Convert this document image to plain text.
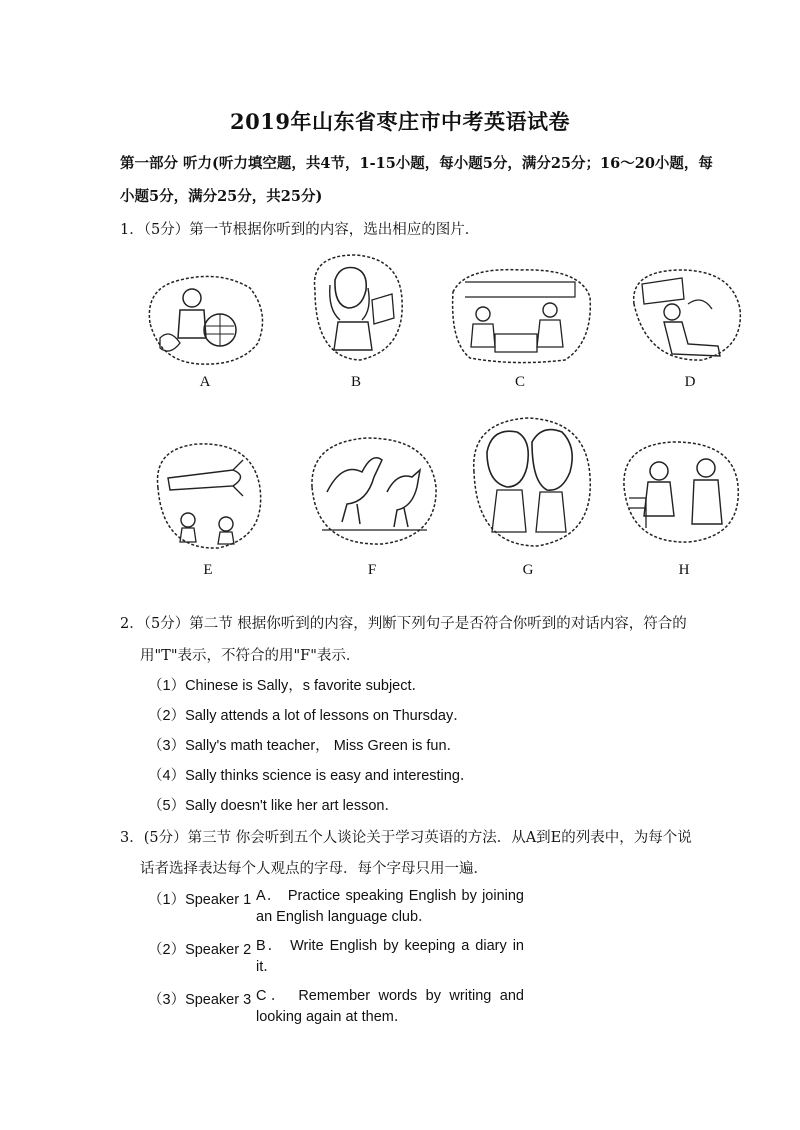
2019年山东省枣庄市中考英语试卷
第一部分 听力(听力填空题，共4节，1-15小题，每小题5分，满分25分；16～20小题，每
小题5分，满分25分，共25分)
1．（5分）第一节根据你听到的内容，选出相应的图片．
A	B	C	D
E	F	G	H
2．（5分）第二节 根据你听到的内容，判断下列句子是否符合你听到的对话内容，符合的
用"T"表示，不符合的用"F"表示．
（1）Chinese is Sally，s favorite subject．
（2）Sally attends a lot of lessons on Thursday．
（3）Sally's math teacher， Miss Green is fun．
（4）Sally thinks science is easy and interesting．
（5）Sally doesn't like her art lesson．
3．(5分）第三节 你会听到五个人谈论关于学习英语的方法．从A到E的列表中，为每个说
话者选择表达每个人观点的字母．每个字母只用一遍．
（1）Speaker 1 A． Practice speaking English by joining an English language club．
（2）Speaker 2 B． Write English by keeping a diary in it．
（3）Speaker 3 C． Remember words by writing and looking again at them．
